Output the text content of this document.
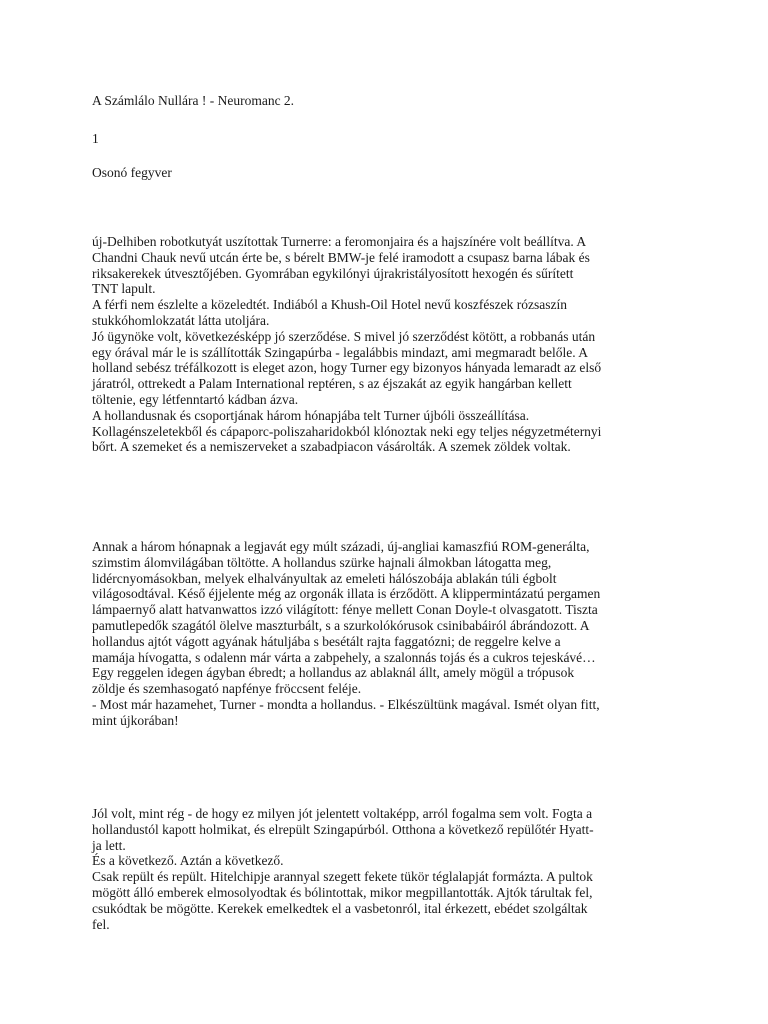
A Számlálo Nullára ! - Neuromanc 2.
1
Osonó fegyver
új-Delhiben robotkutyát uszítottak Turnerre: a feromonjaira és a hajszínére volt beállítva. A
Chandni Chauk nevű utcán érte be, s bérelt BMW-je felé iramodott a csupasz barna lábak és
riksakerekek útvesztőjében. Gyomrában egykilónyi újrakristályosított hexogén és sűrített
TNT lapult.
A férfi nem észlelte a közeledtét. Indiából a Khush-Oil Hotel nevű koszfészek rózsaszín
stukkóhomlokzatát látta utoljára.
Jó ügynöke volt, következésképp jó szerződése. S mivel jó szerződést kötött, a robbanás után
egy órával már le is szállították Szingapúrba - legalábbis mindazt, ami megmaradt belőle. A
holland sebész tréfálkozott is eleget azon, hogy Turner egy bizonyos hányada lemaradt az első
járatról, ottrekedt a Palam International reptéren, s az éjszakát az egyik hangárban kellett
töltenie, egy létfenntartó kádban ázva.
A hollandusnak és csoportjának három hónapjába telt Turner újbóli összeállítása.
Kollagénszeletekből és cápaporc-poliszaharidokból klónoztak neki egy teljes négyzetméternyi
bőrt. A szemeket és a nemiszerveket a szabadpiacon vásárolták. A szemek zöldek voltak.
Annak a három hónapnak a legjavát egy múlt századi, új-angliai kamaszfiú ROM-generálta,
szimstim álomvilágában töltötte. A hollandus szürke hajnali álmokban látogatta meg,
lidércnyomásokban, melyek elhalványultak az emeleti hálószobája ablakán túli égbolt
világosodtával. Késő éjjelente még az orgonák illata is érződött. A klippermintázatú pergamen
lámpaernyő alatt hatvanwattos izzó világított: fénye mellett Conan Doyle-t olvasgatott. Tiszta
pamutlepedők szagától ölelve maszturbált, s a szurkolókórusok csinibabáiról ábrándozott. A
hollandus ajtót vágott agyának hátuljába s besétált rajta faggatózni; de reggelre kelve a
mamája hívogatta, s odalenn már várta a zabpehely, a szalonnás tojás és a cukros tejeskávé…
Egy reggelen idegen ágyban ébredt; a hollandus az ablaknál állt, amely mögül a trópusok
zöldje és szemhasogató napfénye fröccsent feléje.
- Most már hazamehet, Turner - mondta a hollandus. - Elkészültünk magával. Ismét olyan fitt,
mint újkorában!
Jól volt, mint rég - de hogy ez milyen jót jelentett voltaképp, arról fogalma sem volt. Fogta a
hollandustól kapott holmikat, és elrepült Szingapúrból. Otthona a következő repülőtér Hyatt-
ja lett.
És a következő. Aztán a következő.
Csak repült és repült. Hitelchipje arannyal szegett fekete tükör téglalapját formázta. A pultok
mögött álló emberek elmosolyodtak és bólintottak, mikor megpillantották. Ajtók tárultak fel,
csukódtak be mögötte. Kerekek emelkedtek el a vasbetonról, ital érkezett, ebédet szolgáltak
fel.
